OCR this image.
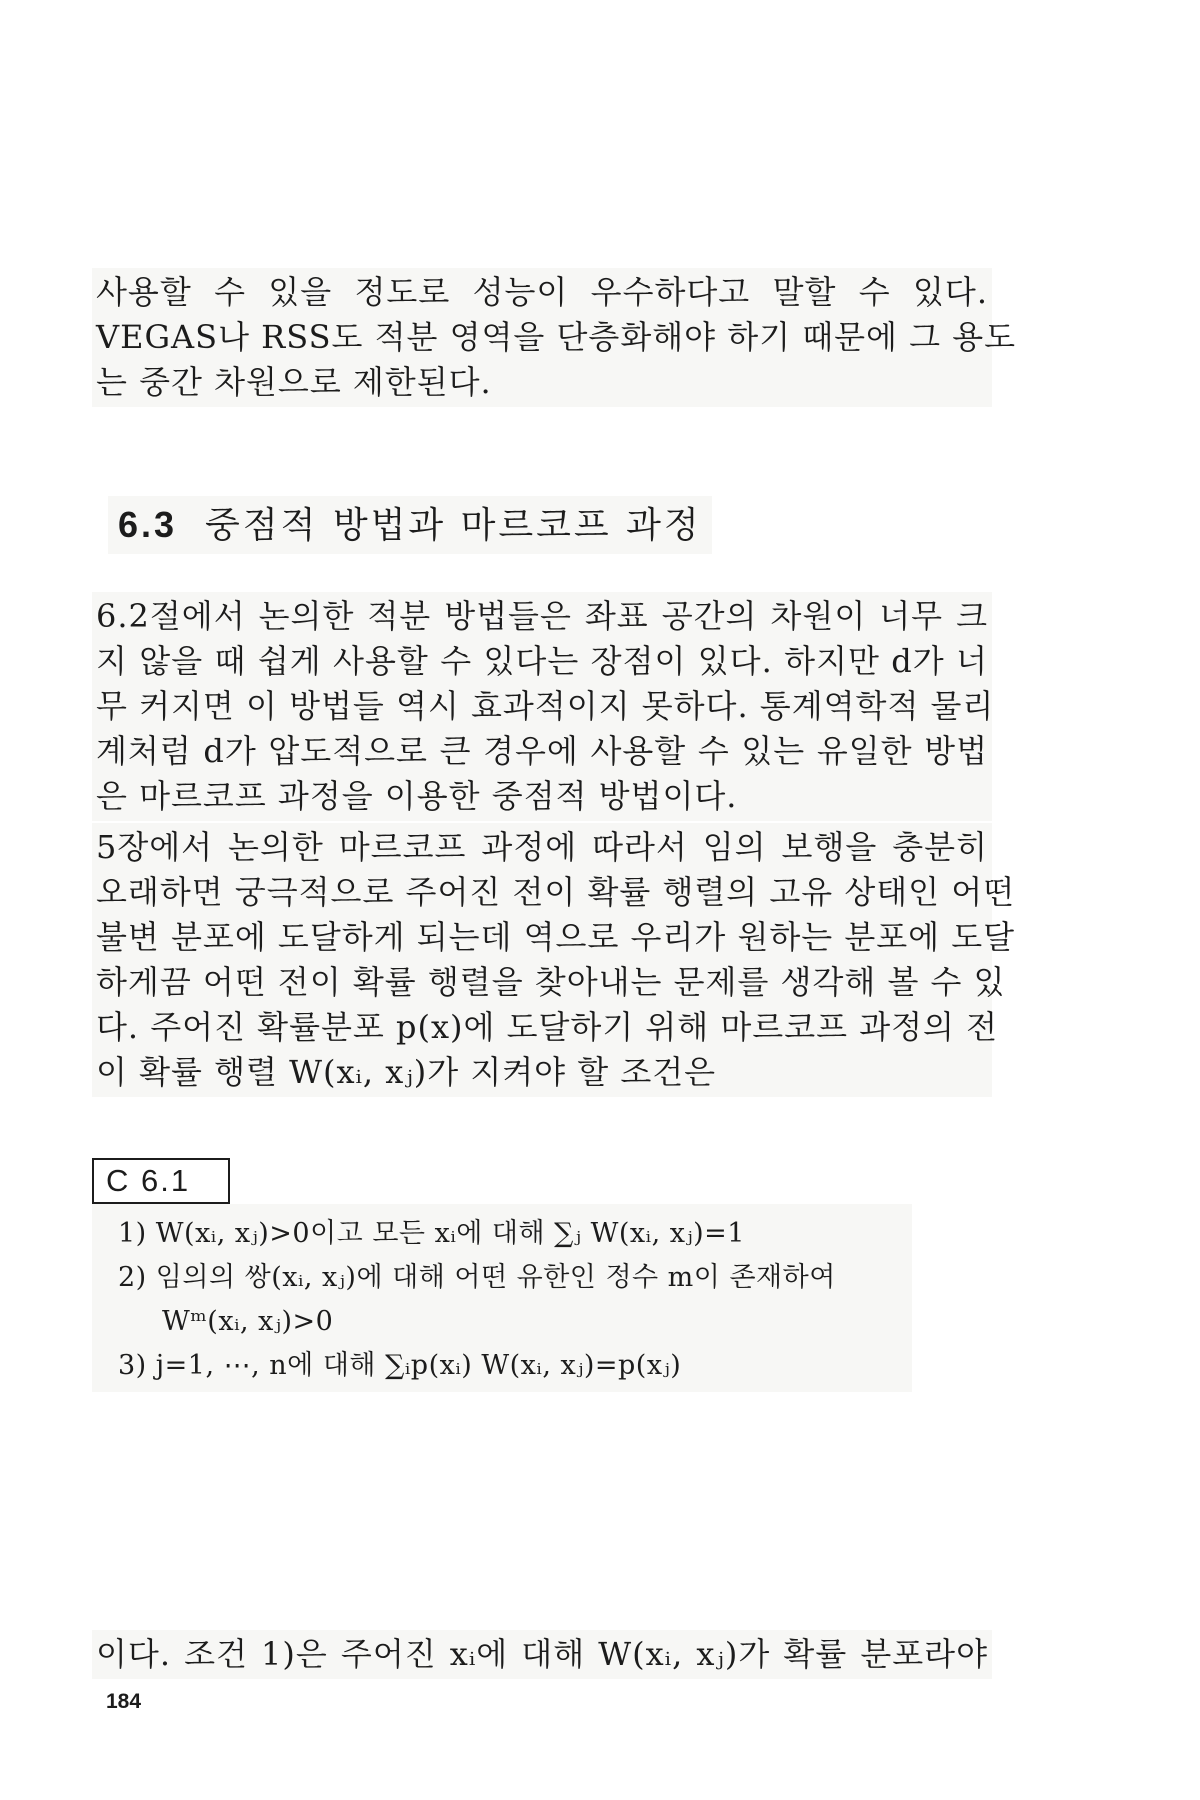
사용할 수 있을 정도로 성능이 우수하다고 말할 수 있다.
VEGAS나 RSS도 적분 영역을 단층화해야 하기 때문에 그 용도
는 중간 차원으로 제한된다.
6.3 중점적 방법과 마르코프 과정
6.2절에서 논의한 적분 방법들은 좌표 공간의 차원이 너무 크
지 않을 때 쉽게 사용할 수 있다는 장점이 있다. 하지만 d가 너
무 커지면 이 방법들 역시 효과적이지 못하다. 통계역학적 물리
계처럼 d가 압도적으로 큰 경우에 사용할 수 있는 유일한 방법
은 마르코프 과정을 이용한 중점적 방법이다.
5장에서 논의한 마르코프 과정에 따라서 임의 보행을 충분히
오래하면 궁극적으로 주어진 전이 확률 행렬의 고유 상태인 어떤
불변 분포에 도달하게 되는데 역으로 우리가 원하는 분포에 도달
하게끔 어떤 전이 확률 행렬을 찾아내는 문제를 생각해 볼 수 있
다. 주어진 확률분포 p(x)에 도달하기 위해 마르코프 과정의 전
이 확률 행렬 W(xᵢ, xⱼ)가 지켜야 할 조건은
C 6.1
1) W(xᵢ, xⱼ)>0이고 모든 xᵢ에 대해 ∑ⱼ W(xᵢ, xⱼ)=1
2) 임의의 쌍(xᵢ, xⱼ)에 대해 어떤 유한인 정수 m이 존재하여
Wᵐ(xᵢ, xⱼ)>0
3) j=1, ⋯, n에 대해 ∑ᵢp(xᵢ) W(xᵢ, xⱼ)=p(xⱼ)
이다. 조건 1)은 주어진 xᵢ에 대해 W(xᵢ, xⱼ)가 확률 분포라야
184
